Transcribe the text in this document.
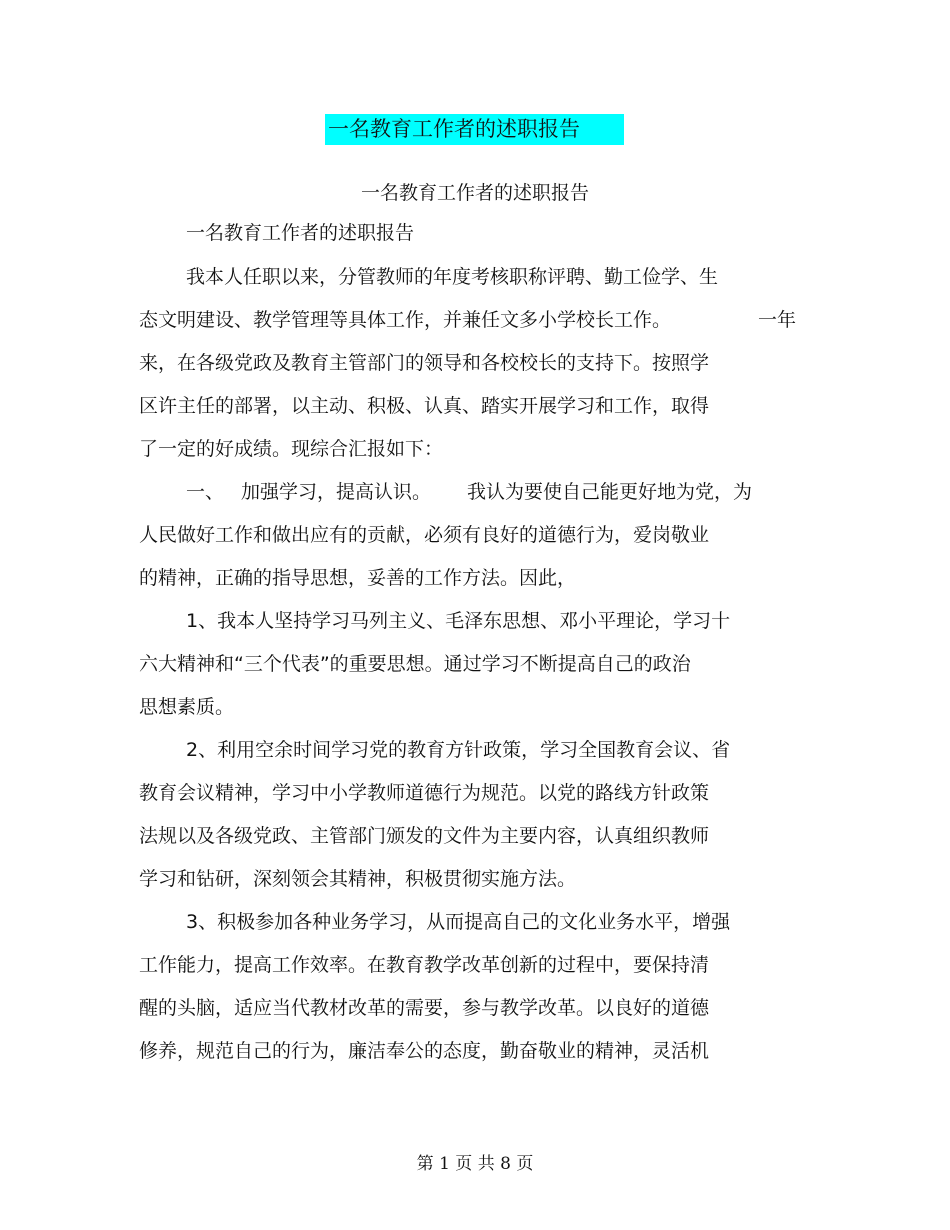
一名教育工作者的述职报告
一名教育工作者的述职报告
一名教育工作者的述职报告
我本人任职以来，分管教师的年度考核职称评聘、勤工俭学、生
态文明建设、教学管理等具体工作，并兼任文多小学校长工作。	一年
来，在各级党政及教育主管部门的领导和各校校长的支持下。按照学
区许主任的部署，以主动、积极、认真、踏实开展学习和工作，取得
了一定的好成绩。现综合汇报如下：
一、 加强学习，提高认识。 我认为要使自己能更好地为党，为
人民做好工作和做出应有的贡献，必须有良好的道德行为，爱岗敬业
的精神，正确的指导思想，妥善的工作方法。因此，
1、我本人坚持学习马列主义、毛泽东思想、邓小平理论，学习十
六大精神和“三个代表”的重要思想。通过学习不断提高自己的政治
思想素质。
2、利用空余时间学习党的教育方针政策，学习全国教育会议、省
教育会议精神，学习中小学教师道德行为规范。以党的路线方针政策
法规以及各级党政、主管部门颁发的文件为主要内容，认真组织教师
学习和钻研，深刻领会其精神，积极贯彻实施方法。
3、积极参加各种业务学习，从而提高自己的文化业务水平，增强
工作能力，提高工作效率。在教育教学改革创新的过程中，要保持清
醒的头脑，适应当代教材改革的需要，参与教学改革。以良好的道德
修养，规范自己的行为，廉洁奉公的态度，勤奋敬业的精神，灵活机
第 1 页 共 8 页
